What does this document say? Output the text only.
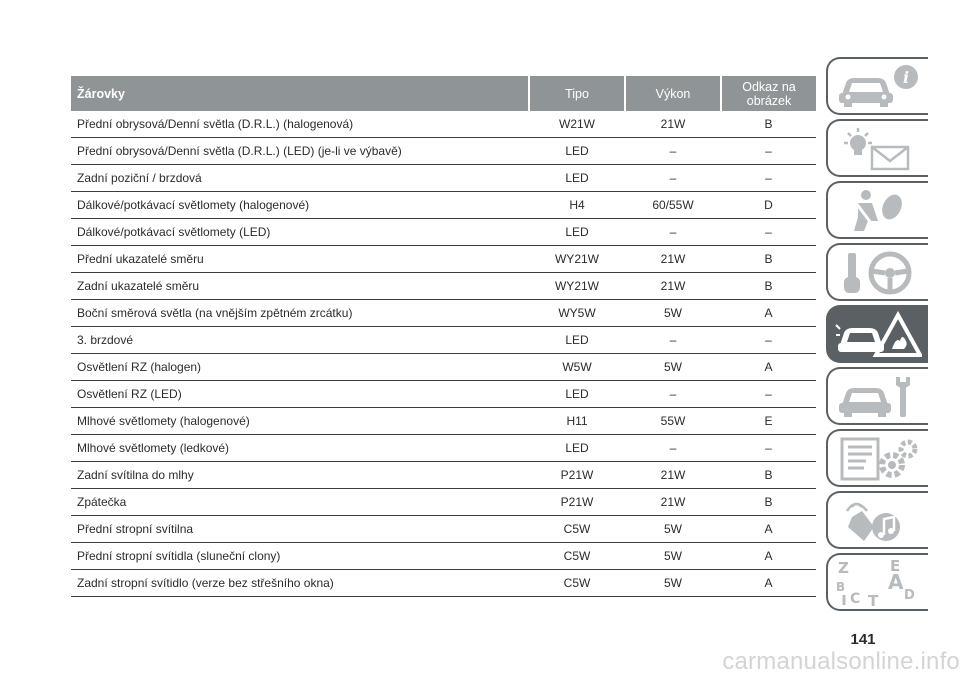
Žárovky	Tipo	Výkon	Odkaz na
obrázek
Přední obrysová/Denní světla (D.R.L.) (halogenová)	W21W	21W	B
Přední obrysová/Denní světla (D.R.L.) (LED) (je-li ve výbavě)	LED	–	–
Zadní poziční / brzdová	LED	–	–
Dálkové/potkávací světlomety (halogenové)	H4	60/55W	D
Dálkové/potkávací světlomety (LED)	LED	–	–
Přední ukazatelé směru	WY21W	21W	B
Zadní ukazatelé směru	WY21W	21W	B
Boční směrová světla (na vnějším zpětném zrcátku)	WY5W	5W	A
3. brzdové	LED	–	–
Osvětlení RZ (halogen)	W5W	5W	A
Osvětlení RZ (LED)	LED	–	–
Mlhové světlomety (halogenové)	H11	55W	E
Mlhové světlomety (ledkové)	LED	–	–
Zadní svítilna do mlhy	P21W	21W	B
Zpátečka	P21W	21W	B
Přední stropní svítilna	C5W	5W	A
Přední stropní svítidla (sluneční clony)	C5W	5W	A
Zadní stropní svítidlo (verze bez střešního okna)	C5W	5W	A
i
Z	E
A
B
C	D
T
141
carmanualsonline.info
